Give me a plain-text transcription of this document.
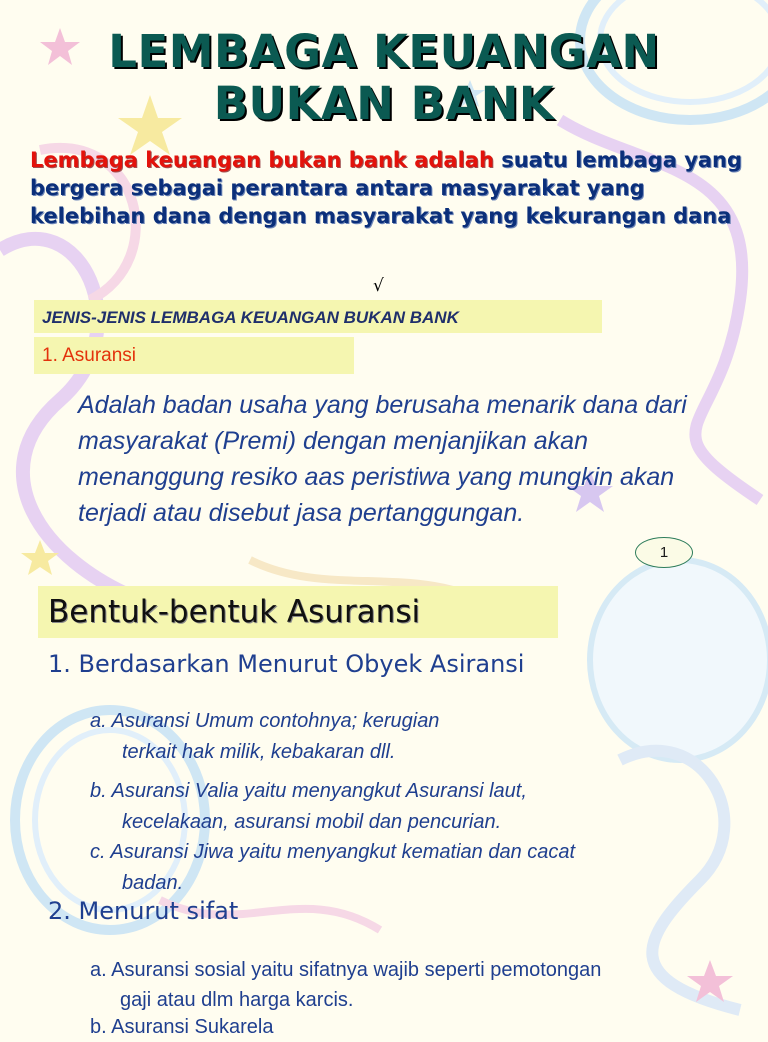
LEMBAGA KEUANGAN
BUKAN BANK
Lembaga keuangan bukan bank adalah suatu lembaga yang bergera sebagai perantara antara masyarakat yang kelebihan dana dengan masyarakat yang kekurangan dana
√
JENIS-JENIS LEMBAGA KEUANGAN BUKAN BANK
1. Asuransi
Adalah badan usaha yang berusaha menarik dana dari masyarakat (Premi) dengan menjanjikan akan menanggung resiko aas peristiwa yang mungkin akan terjadi atau disebut jasa pertanggungan.
1
Bentuk-bentuk Asuransi
1. Berdasarkan Menurut Obyek Asiransi
a. Asuransi Umum contohnya; kerugian
terkait hak milik, kebakaran dll.
b. Asuransi Valia yaitu menyangkut Asuransi laut,
kecelakaan, asuransi mobil dan pencurian.
c. Asuransi Jiwa yaitu menyangkut kematian dan cacat
badan.
2. Menurut sifat
a. Asuransi sosial yaitu sifatnya wajib seperti pemotongan
gaji atau dlm harga karcis.
b. Asuransi Sukarela
